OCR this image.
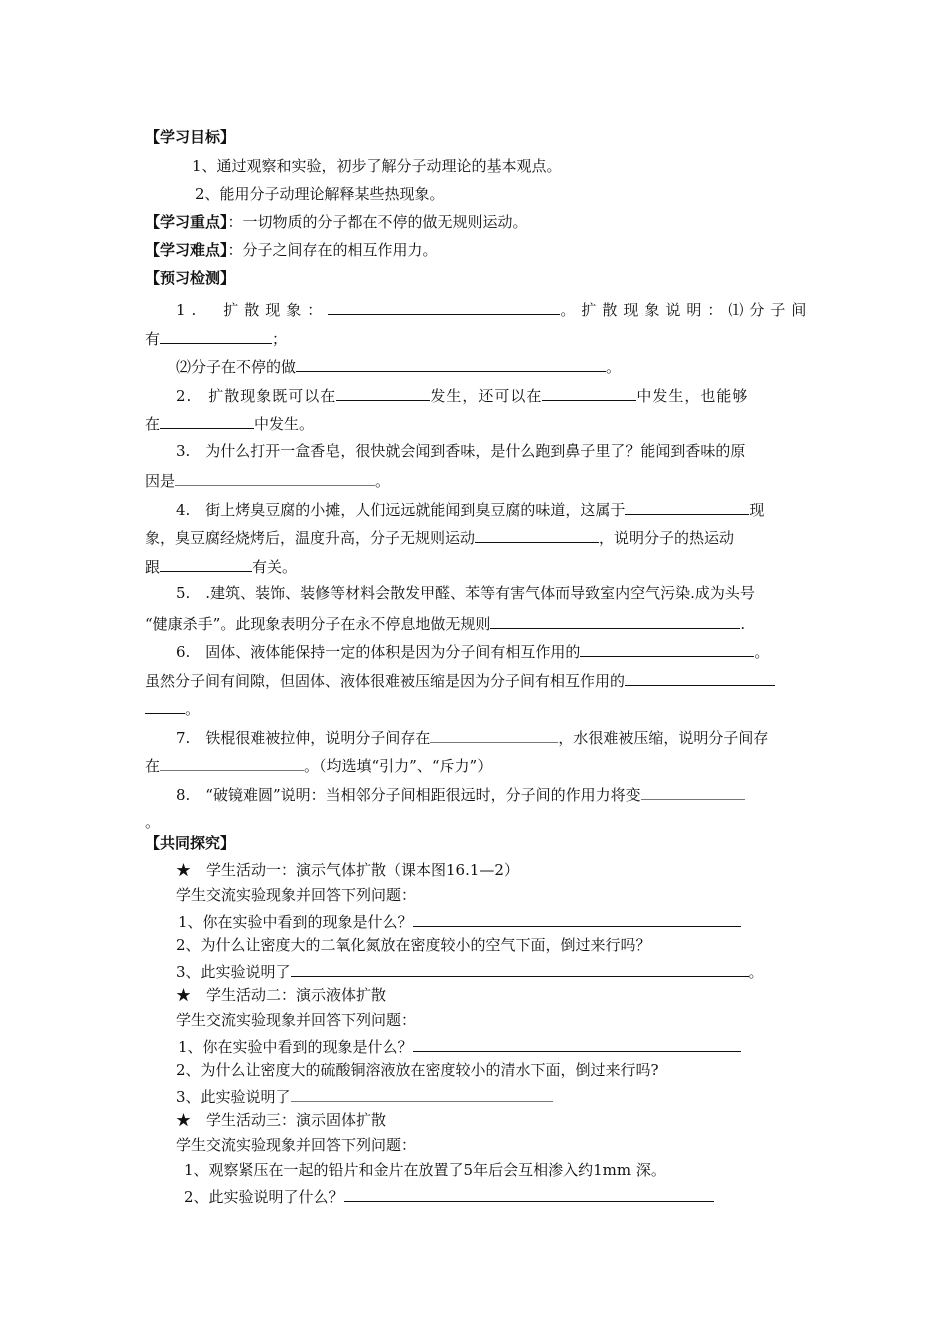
【学习目标】
1、通过观察和实验，初步了解分子动理论的基本观点。
2、能用分子动理论解释某些热现象。
【学习重点】：一切物质的分子都在不停的做无规则运动。
【学习难点】：分子之间存在的相互作用力。
【预习检测】
1.　扩散现象：	。扩散现象说明：⑴分子间
有	；
⑵分子在不停的做	。
2.　扩散现象既可以在	发生，还可以在	中发生，也能够
在	中发生。
3.　为什么打开一盒香皂，很快就会闻到香味，是什么跑到鼻子里了？能闻到香味的原
因是	。
4.　街上烤臭豆腐的小摊，人们远远就能闻到臭豆腐的味道，这属于	现
象，臭豆腐经烧烤后，温度升高，分子无规则运动	，说明分子的热运动
跟	有关。
5.　.建筑、装饰、装修等材料会散发甲醛、苯等有害气体而导致室内空气污染.成为头号
“健康杀手”。此现象表明分子在永不停息地做无规则	.
6.　固体、液体能保持一定的体积是因为分子间有相互作用的	。
虽然分子间有间隙，但固体、液体很难被压缩是因为分子间有相互作用的
。
7.　铁棍很难被拉伸，说明分子间存在	，水很难被压缩，说明分子间存
在	。（均选填“引力”、“斥力”）
8.　“破镜难圆”说明：当相邻分子间相距很远时，分子间的作用力将变
。
【共同探究】
★　学生活动一：演示气体扩散（课本图16.1—2）
学生交流实验现象并回答下列问题：
1、你在实验中看到的现象是什么？
2、为什么让密度大的二氧化氮放在密度较小的空气下面，倒过来行吗？
3、此实验说明了	。
★　学生活动二：演示液体扩散
学生交流实验现象并回答下列问题：
1、你在实验中看到的现象是什么？
2、为什么让密度大的硫酸铜溶液放在密度较小的清水下面，倒过来行吗?
3、此实验说明了
★　学生活动三：演示固体扩散
学生交流实验现象并回答下列问题：
1、观察紧压在一起的铅片和金片在放置了5年后会互相渗入约1mm 深。
2、此实验说明了什么？
